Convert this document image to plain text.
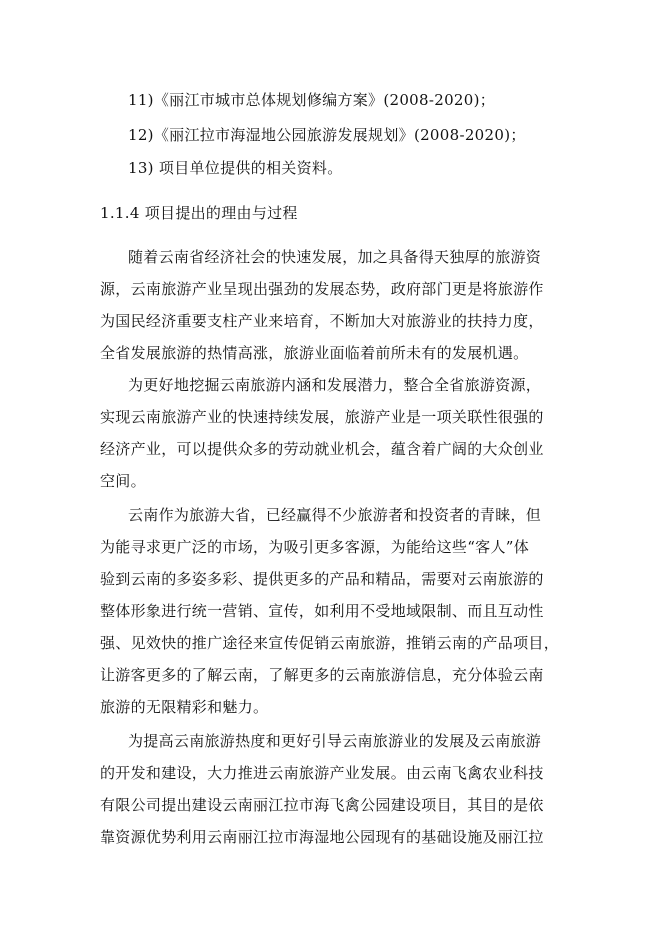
11)《丽江市城市总体规划修编方案》(2008-2020)；
12)《丽江拉市海湿地公园旅游发展规划》(2008-2020)；
13) 项目单位提供的相关资料。
1.1.4 项目提出的理由与过程
随着云南省经济社会的快速发展，加之具备得天独厚的旅游资
源，云南旅游产业呈现出强劲的发展态势，政府部门更是将旅游作
为国民经济重要支柱产业来培育，不断加大对旅游业的扶持力度，
全省发展旅游的热情高涨，旅游业面临着前所未有的发展机遇。
为更好地挖掘云南旅游内涵和发展潜力，整合全省旅游资源，
实现云南旅游产业的快速持续发展，旅游产业是一项关联性很强的
经济产业，可以提供众多的劳动就业机会，蕴含着广阔的大众创业
空间。
云南作为旅游大省，已经赢得不少旅游者和投资者的青睐，但
为能寻求更广泛的市场，为吸引更多客源，为能给这些“客人”体
验到云南的多姿多彩、提供更多的产品和精品，需要对云南旅游的
整体形象进行统一营销、宣传，如利用不受地域限制、而且互动性
强、见效快的推广途径来宣传促销云南旅游，推销云南的产品项目，
让游客更多的了解云南，了解更多的云南旅游信息，充分体验云南
旅游的无限精彩和魅力。
为提高云南旅游热度和更好引导云南旅游业的发展及云南旅游
的开发和建设，大力推进云南旅游产业发展。由云南飞禽农业科技
有限公司提出建设云南丽江拉市海飞禽公园建设项目，其目的是依
靠资源优势利用云南丽江拉市海湿地公园现有的基础设施及丽江拉
